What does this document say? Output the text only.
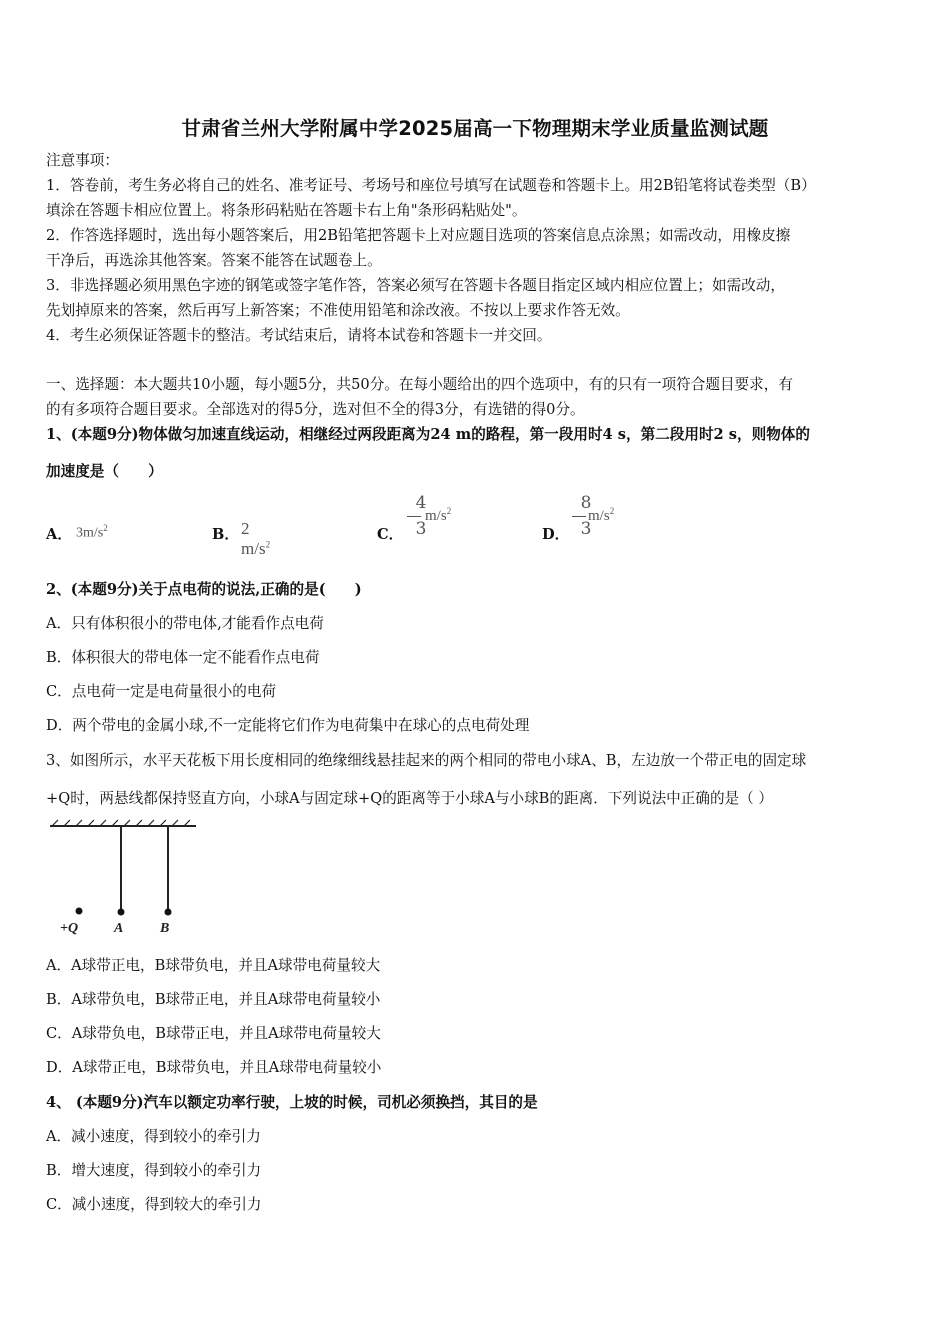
甘肃省兰州大学附属中学2025届高一下物理期末学业质量监测试题
注意事项：
1．答卷前，考生务必将自己的姓名、准考证号、考场号和座位号填写在试题卷和答题卡上。用2B铅笔将试卷类型（B）
填涂在答题卡相应位置上。将条形码粘贴在答题卡右上角"条形码粘贴处"。
2．作答选择题时，选出每小题答案后，用2B铅笔把答题卡上对应题目选项的答案信息点涂黑；如需改动，用橡皮擦
干净后，再选涂其他答案。答案不能答在试题卷上。
3．非选择题必须用黑色字迹的钢笔或签字笔作答，答案必须写在答题卡各题目指定区域内相应位置上；如需改动，
先划掉原来的答案，然后再写上新答案；不准使用铅笔和涂改液。不按以上要求作答无效。
4．考生必须保证答题卡的整洁。考试结束后，请将本试卷和答题卡一并交回。
一、选择题：本大题共10小题，每小题5分，共50分。在每小题给出的四个选项中，有的只有一项符合题目要求，有
的有多项符合题目要求。全部选对的得5分，选对但不全的得3分，有选错的得0分。
1、(本题9分)物体做匀加速直线运动，相继经过两段距离为24 m的路程，第一段用时4 s，第二段用时2 s，则物体的
加速度是（　　）
A． $3m/s^2$	B． 2 $m/s^2$
C．
4
3
$m/s^2$
D．
8
3
$m/s^2$
2、(本题9分)关于点电荷的说法,正确的是(　　)
A．只有体积很小的带电体,才能看作点电荷
B．体积很大的带电体一定不能看作点电荷
C．点电荷一定是电荷量很小的电荷
D．两个带电的金属小球,不一定能将它们作为电荷集中在球心的点电荷处理
3、如图所示，水平天花板下用长度相同的绝缘细线悬挂起来的两个相同的带电小球A、B，左边放一个带正电的固定球
+Q时，两悬线都保持竖直方向，小球A与固定球+Q的距离等于小球A与小球B的距离．下列说法中正确的是（ ）
+Q	A	B
A．A球带正电，B球带负电，并且A球带电荷量较大
B．A球带负电，B球带正电，并且A球带电荷量较小
C．A球带负电，B球带正电，并且A球带电荷量较大
D．A球带正电，B球带负电，并且A球带电荷量较小
4、 (本题9分)汽车以额定功率行驶，上坡的时候，司机必须换挡，其目的是
A．减小速度，得到较小的牵引力
B．增大速度，得到较小的牵引力
C．减小速度，得到较大的牵引力
